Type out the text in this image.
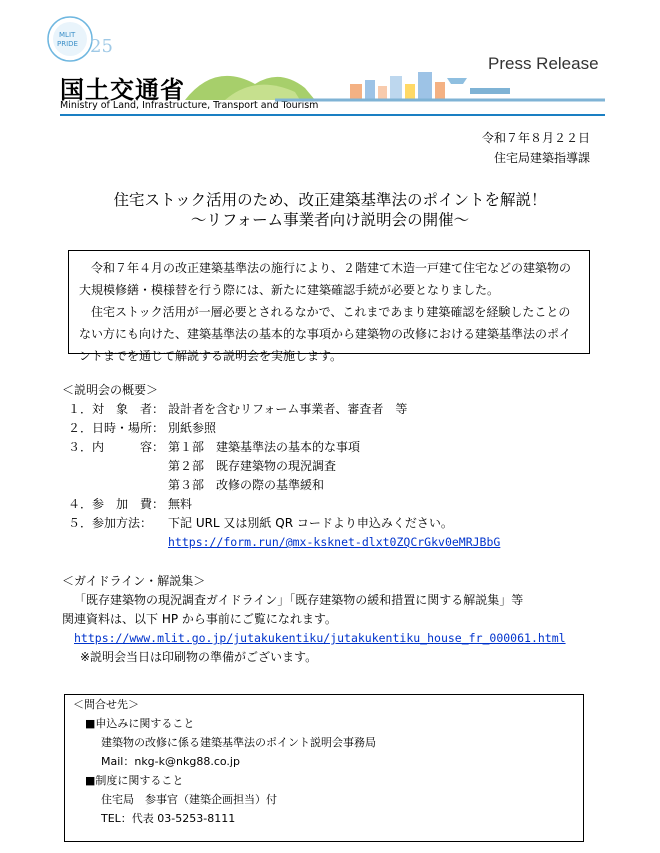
MLIT
PRIDE 25
国土交通省
Ministry of Land, Infrastructure, Transport and Tourism
Press Release
令和７年８月２２日
住宅局建築指導課
住宅ストック活用のため、改正建築基準法のポイントを解説！
～リフォーム事業者向け説明会の開催～

令和７年４月の改正建築基準法の施行により、２階建て木造一戸建て住宅などの建築物の大規模修繕・模様替を行う際には、新たに建築確認手続が必要となりました。

住宅ストック活用が一層必要とされるなかで、これまであまり建築確認を経験したことのない方にも向けた、建築基準法の基本的な事項から建築物の改修における建築基準法のポイントまでを通じて解説する説明会を実施します。

＜説明会の概要＞
１．対　象　者： 設計者を含むリフォーム事業者、審査者　等
２．日時・場所： 別紙参照
３．内　　　容： 第１部　建築基準法の基本的な事項
第２部　既存建築物の現況調査
第３部　改修の際の基準緩和
４．参　加　費： 無料
５．参加方法： 下記 URL 又は別紙 QR コードより申込みください。
https://form.run/@mx-ksknet-dlxt0ZQCrGkv0eMRJBbG
＜ガイドライン・解説集＞
「既存建築物の現況調査ガイドライン」「既存建築物の緩和措置に関する解説集」等
関連資料は、以下 HP から事前にご覧になれます。
https://www.mlit.go.jp/jutakukentiku/jutakukentiku_house_fr_000061.html
※説明会当日は印刷物の準備がございます。
＜問合せ先＞
■申込みに関すること
建築物の改修に係る建築基準法のポイント説明会事務局
Mail：nkg-k@nkg88.co.jp
■制度に関すること
住宅局　参事官（建築企画担当）付
TEL：代表 03-5253-8111
